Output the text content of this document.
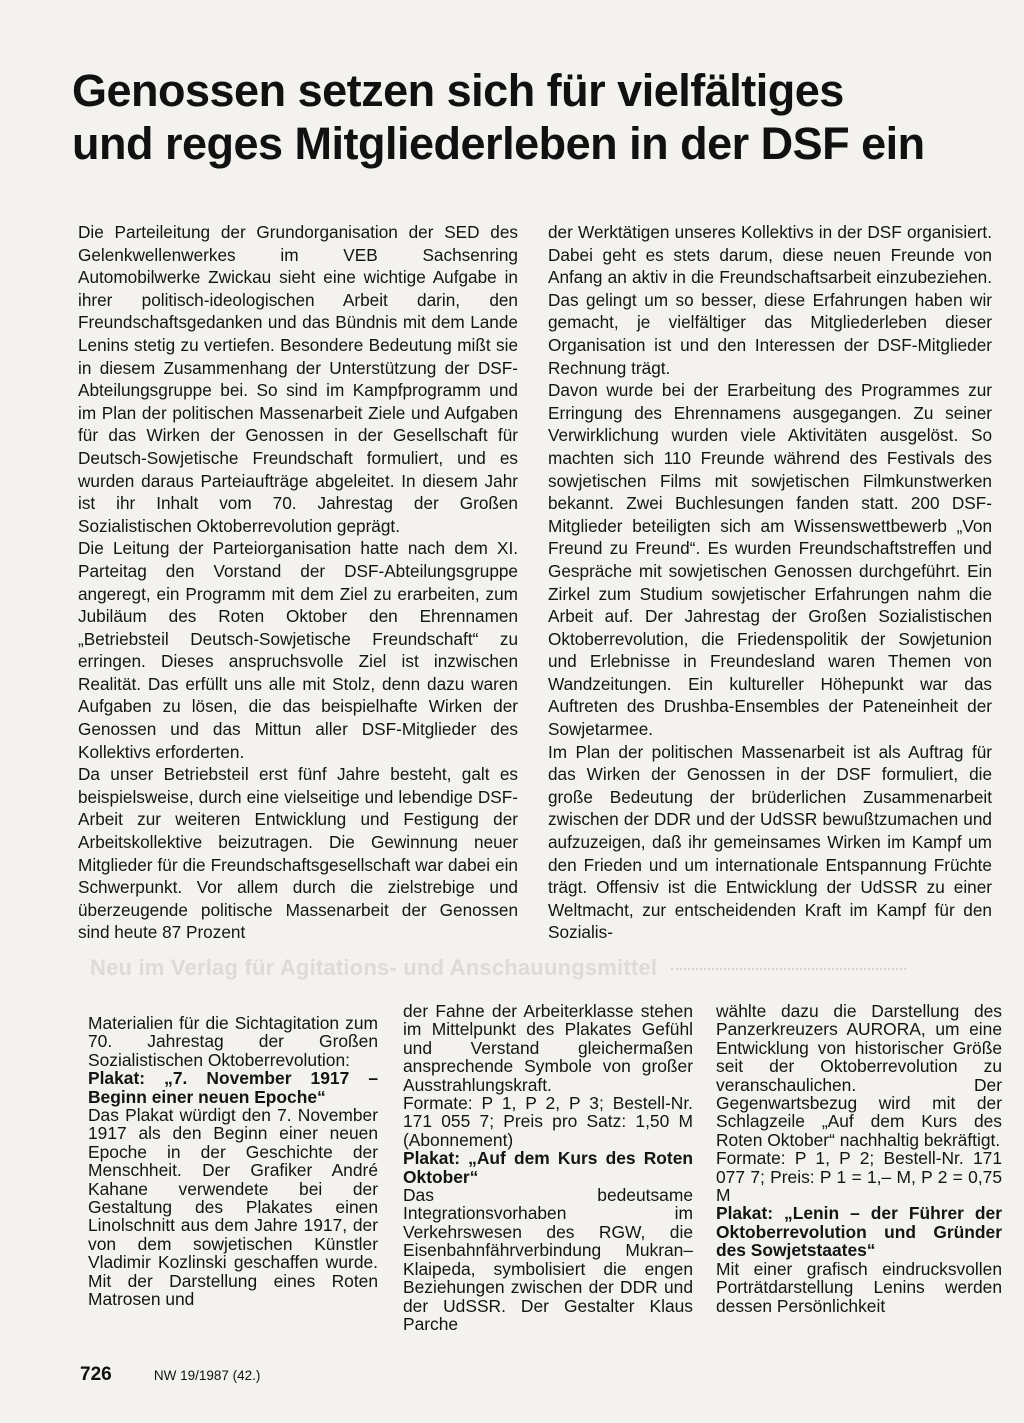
Genossen setzen sich für vielfältiges
und reges Mitgliederleben in der DSF ein

Die Parteileitung der Grundorganisation der SED des Gelenkwellenwerkes im VEB Sachsenring Automobilwerke Zwickau sieht eine wichtige Aufgabe in ihrer politisch-ideologischen Arbeit darin, den Freundschaftsgedanken und das Bündnis mit dem Lande Lenins stetig zu vertiefen. Besondere Bedeutung mißt sie in diesem Zusammenhang der Unterstützung der DSF-Abteilungsgruppe bei. So sind im Kampfprogramm und im Plan der politischen Massenarbeit Ziele und Aufgaben für das Wirken der Genossen in der Gesellschaft für Deutsch-Sowjetische Freundschaft formuliert, und es wurden daraus Parteiaufträge abgeleitet. In diesem Jahr ist ihr Inhalt vom 70. Jahrestag der Großen Sozialistischen Oktoberrevolution geprägt.

Die Leitung der Parteiorganisation hatte nach dem XI. Parteitag den Vorstand der DSF-Abteilungsgruppe angeregt, ein Programm mit dem Ziel zu erarbeiten, zum Jubiläum des Roten Oktober den Ehrennamen „Betriebsteil Deutsch-Sowjetische Freundschaft“ zu erringen. Dieses anspruchsvolle Ziel ist inzwischen Realität. Das erfüllt uns alle mit Stolz, denn dazu waren Aufgaben zu lösen, die das beispielhafte Wirken der Genossen und das Mittun aller DSF-Mitglieder des Kollektivs erforderten.

Da unser Betriebsteil erst fünf Jahre besteht, galt es beispielsweise, durch eine vielseitige und lebendige DSF-Arbeit zur weiteren Entwicklung und Festigung der Arbeitskollektive beizutragen. Die Gewinnung neuer Mitglieder für die Freundschaftsgesellschaft war dabei ein Schwerpunkt. Vor allem durch die zielstrebige und überzeugende politische Massenarbeit der Genossen sind heute 87 Prozent

der Werktätigen unseres Kollektivs in der DSF organisiert. Dabei geht es stets darum, diese neuen Freunde von Anfang an aktiv in die Freundschaftsarbeit einzubeziehen. Das gelingt um so besser, diese Erfahrungen haben wir gemacht, je vielfältiger das Mitgliederleben dieser Organisation ist und den Interessen der DSF-Mitglieder Rechnung trägt.

Davon wurde bei der Erarbeitung des Programmes zur Erringung des Ehrennamens ausgegangen. Zu seiner Verwirklichung wurden viele Aktivitäten ausgelöst. So machten sich 110 Freunde während des Festivals des sowjetischen Films mit sowjetischen Filmkunstwerken bekannt. Zwei Buchlesungen fanden statt. 200 DSF-Mitglieder beteiligten sich am Wissenswettbewerb „Von Freund zu Freund“. Es wurden Freundschaftstreffen und Gespräche mit sowjetischen Genossen durchgeführt. Ein Zirkel zum Studium sowjetischer Erfahrungen nahm die Arbeit auf. Der Jahrestag der Großen Sozialistischen Oktoberrevolution, die Friedenspolitik der Sowjetunion und Erlebnisse in Freundesland waren Themen von Wandzeitungen. Ein kultureller Höhepunkt war das Auftreten des Drushba-Ensembles der Pateneinheit der Sowjetarmee.

Im Plan der politischen Massenarbeit ist als Auftrag für das Wirken der Genossen in der DSF formuliert, die große Bedeutung der brüderlichen Zusammenarbeit zwischen der DDR und der UdSSR bewußtzumachen und aufzuzeigen, daß ihr gemeinsames Wirken im Kampf um den Frieden und um internationale Entspannung Früchte trägt. Offensiv ist die Entwicklung der UdSSR zu einer Weltmacht, zur entscheidenden Kraft im Kampf für den Sozialis-

Neu im Verlag für Agitations- und Anschauungsmittel

Materialien für die Sichtagitation zum 70. Jahrestag der Großen Sozialistischen Oktoberrevolution:

Plakat: „7. November 1917 – Beginn einer neuen Epoche“

Das Plakat würdigt den 7. November 1917 als den Beginn einer neuen Epoche in der Geschichte der Menschheit. Der Grafiker André Kahane verwendete bei der Gestaltung des Plakates einen Linolschnitt aus dem Jahre 1917, der von dem sowjetischen Künstler Vladimir Kozlinski geschaffen wurde. Mit der Darstellung eines Roten Matrosen und

der Fahne der Arbeiterklasse stehen im Mittelpunkt des Plakates Gefühl und Verstand gleichermaßen ansprechende Symbole von großer Ausstrahlungskraft.

Formate: P 1, P 2, P 3; Bestell-Nr. 171 055 7; Preis pro Satz: 1,50 M (Abonnement)

Plakat: „Auf dem Kurs des Roten Oktober“

Das bedeutsame Integrationsvorhaben im Verkehrswesen des RGW, die Eisenbahnfährverbindung Mukran–Klaipeda, symbolisiert die engen Beziehungen zwischen der DDR und der UdSSR. Der Gestalter Klaus Parche

wählte dazu die Darstellung des Panzerkreuzers AURORA, um eine Entwicklung von historischer Größe seit der Oktoberrevolution zu veranschaulichen. Der Gegenwartsbezug wird mit der Schlagzeile „Auf dem Kurs des Roten Oktober“ nachhaltig bekräftigt.

Formate: P 1, P 2; Bestell-Nr. 171 077 7; Preis: P 1 = 1,– M, P 2 = 0,75 M

Plakat: „Lenin – der Führer der Oktoberrevolution und Gründer des Sowjetstaates“

Mit einer grafisch eindrucksvollen Porträtdarstellung Lenins werden dessen Persönlichkeit

726	NW 19/1987 (42.)
